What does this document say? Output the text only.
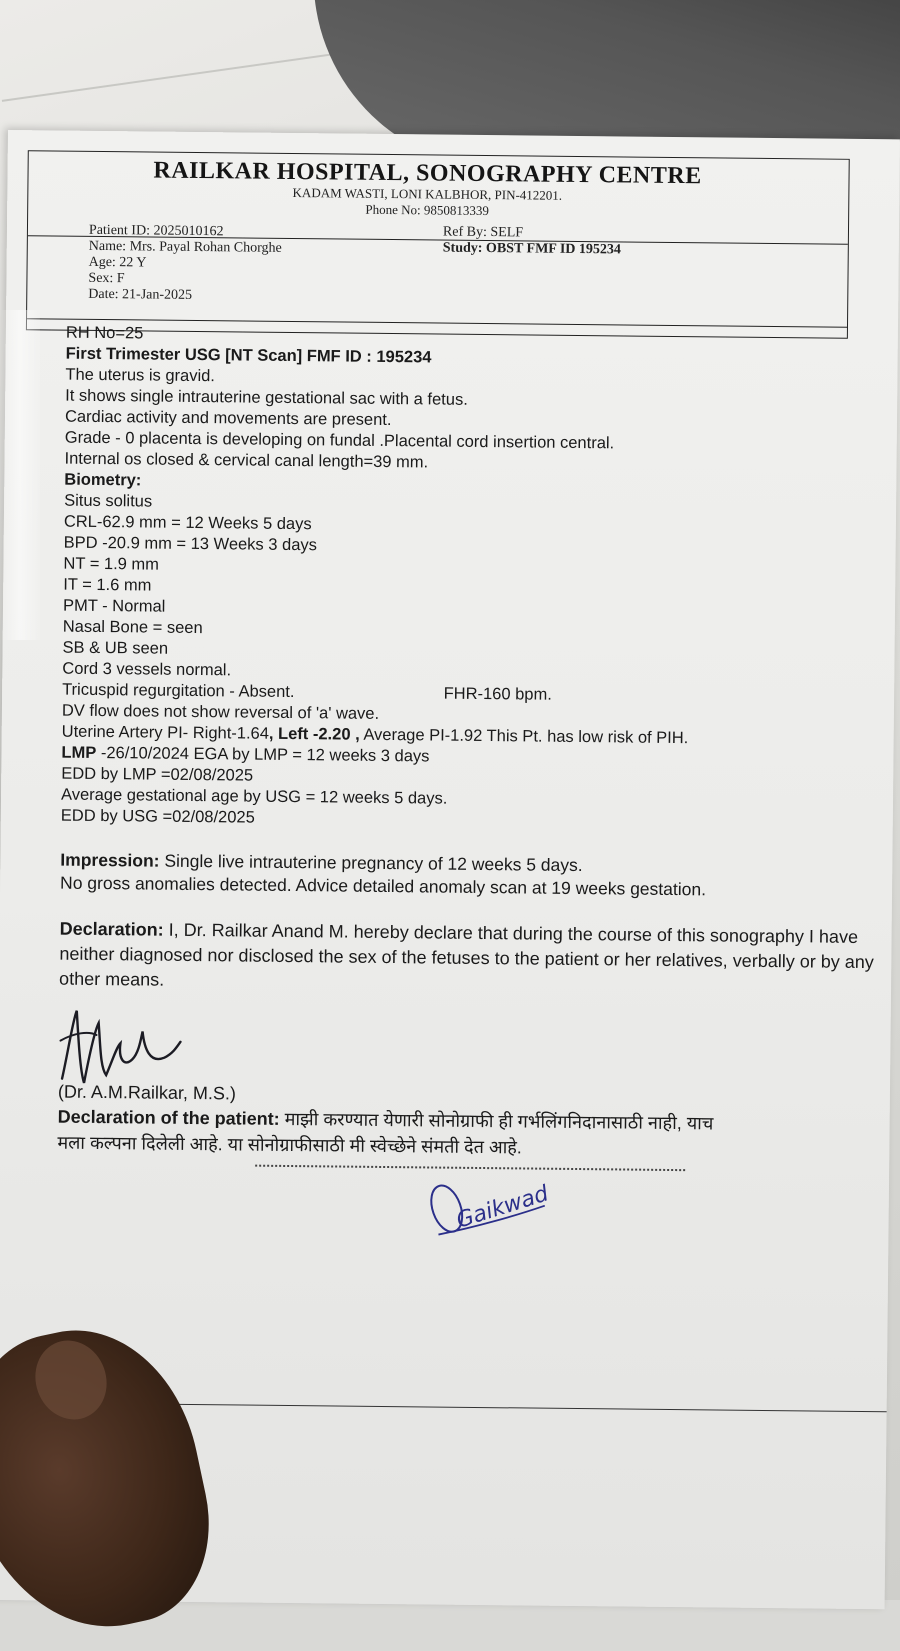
RAILKAR HOSPITAL, SONOGRAPHY CENTRE
KADAM WASTI, LONI KALBHOR, PIN-412201.
Phone No: 9850813339
Patient ID: 2025010162
Name: Mrs. Payal Rohan Chorghe
Age: 22 Y
Sex: F
Date: 21-Jan-2025
Ref By: SELF
Study: OBST FMF ID 195234
RH No=25
First Trimester USG [NT Scan] FMF ID : 195234
The uterus is gravid.
It shows single intrauterine gestational sac with a fetus.
Cardiac activity and movements are present.
Grade - 0 placenta is developing on fundal .Placental cord insertion central.
Internal os closed & cervical canal length=39 mm.
Biometry:
Situs solitus
CRL-62.9 mm = 12 Weeks 5 days
BPD -20.9 mm = 13 Weeks 3 days
NT = 1.9 mm
IT = 1.6 mm
PMT - Normal
Nasal Bone = seen
SB & UB seen
Cord 3 vessels normal.
Tricuspid regurgitation - Absent.	FHR-160 bpm.
DV flow does not show reversal of 'a' wave.
Uterine Artery PI- Right-1.64, Left -2.20 , Average PI-1.92 This Pt. has low risk of PIH.
LMP -26/10/2024 EGA by LMP = 12 weeks 3 days
EDD by LMP =02/08/2025
Average gestational age by USG = 12 weeks 5 days.
EDD by USG =02/08/2025
Impression: Single live intrauterine pregnancy of 12 weeks 5 days.
No gross anomalies detected. Advice detailed anomaly scan at 19 weeks gestation.
Declaration: I, Dr. Railkar Anand M. hereby declare that during the course of this sonography I have neither diagnosed nor disclosed the sex of the fetuses to the patient or her relatives, verbally or by any other means.
(Dr. A.M.Railkar, M.S.)
Declaration of the patient: माझी करण्यात येणारी सोनोग्राफी ही गर्भलिंगनिदानासाठी नाही, याच
मला कल्पना दिलेली आहे. या सोनोग्राफीसाठी मी स्वेच्छेने संमती देत आहे.
Gaikwad
